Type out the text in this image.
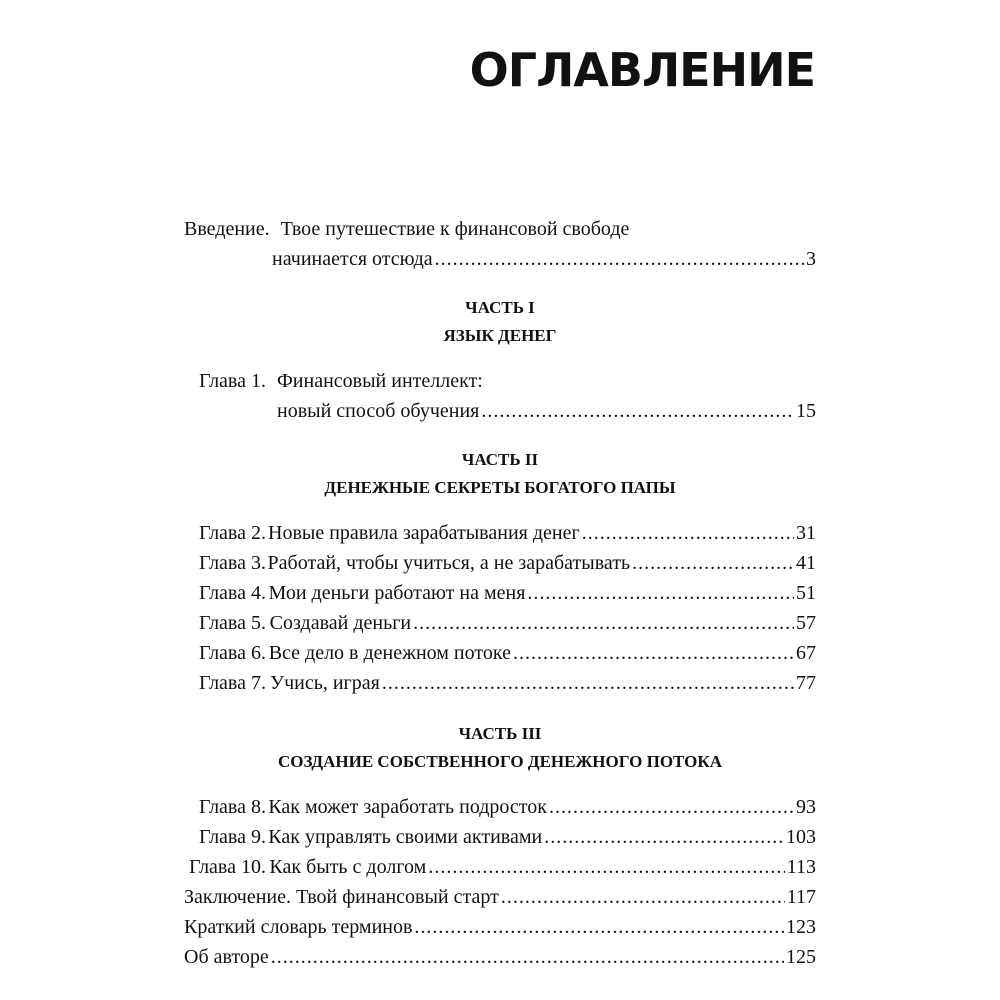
ОГЛАВЛЕНИЕ
Введение. Твое путешествие к финансовой свободе
начинается отсюда .....	3
ЧАСТЬ I
ЯЗЫК ДЕНЕГ
Глава 1. Финансовый интеллект:
новый способ обучения .....	15
ЧАСТЬ II
ДЕНЕЖНЫЕ СЕКРЕТЫ БОГАТОГО ПАПЫ
Глава 2. Новые правила зарабатывания денег .....	31
Глава 3. Работай, чтобы учиться, а не зарабатывать .....	41
Глава 4. Мои деньги работают на меня .....	51
Глава 5. Создавай деньги .....	57
Глава 6. Все дело в денежном потоке .....	67
Глава 7. Учись, играя .....	77
ЧАСТЬ III
СОЗДАНИЕ СОБСТВЕННОГО ДЕНЕЖНОГО ПОТОКА
Глава 8. Как может заработать подросток .....	93
Глава 9. Как управлять своими активами .....	103
Глава 10. Как быть с долгом .....	113
Заключение. Твой финансовый старт .....	117
Краткий словарь терминов .....	123
Об авторе .....	125
